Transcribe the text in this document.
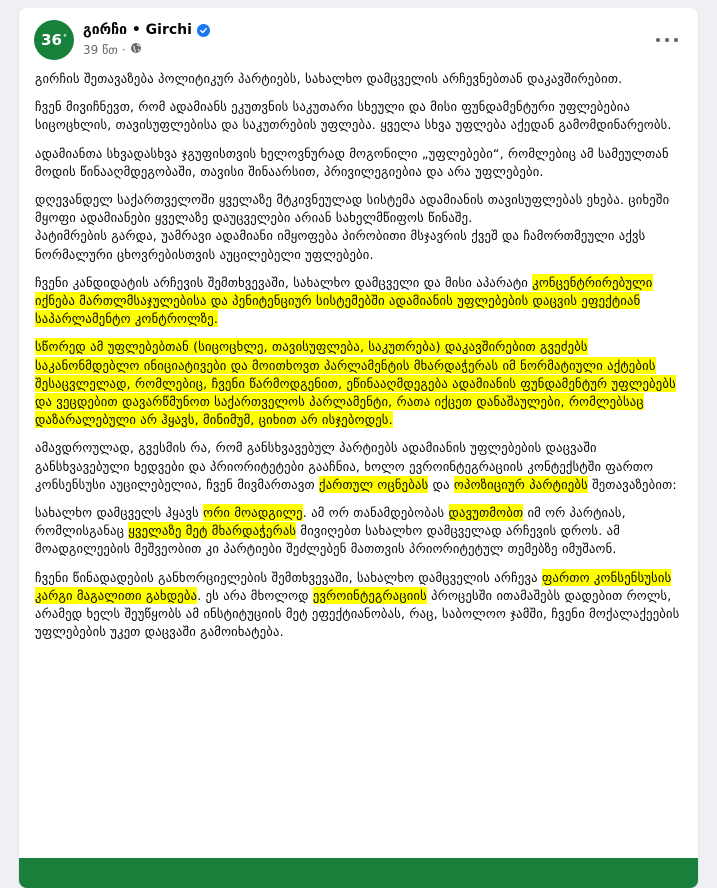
36° გირჩი • Girchi
39 წთ ·

გირჩის შეთავაზება პოლიტიკურ პარტიებს, სახალხო დამცველის არჩევნებთან დაკავშირებით.

ჩვენ მივიჩნევთ, რომ ადამიანს ეკუთვნის საკუთარი სხეული და მისი ფუნდამენტური უფლებებია სიცოცხლის, თავისუფლებისა და საკუთრების უფლება. ყველა სხვა უფლება აქედან გამომდინარეობს.

ადამიანთა სხვადასხვა ჯგუფისთვის ხელოვნურად მოგონილი „უფლებები“, რომლებიც ამ სამეულთან მოდის წინააღმდეგობაში, თავისი შინაარსით, პრივილეგიებია და არა უფლებები.

დღევანდელ საქართველოში ყველაზე მტკივნეულად სისტემა ადამიანის თავისუფლებას ეხება. ციხეში მყოფი ადამიანები ყველაზე დაუცველები არიან სახელმწიფოს წინაშე.
პატიმრების გარდა, უამრავი ადამიანი იმყოფება პირობითი მსჯავრის ქვეშ და ჩამორთმეული აქვს ნორმალური ცხოვრებისთვის აუცილებელი უფლებები.

ჩვენი კანდიდატის არჩევის შემთხვევაში, სახალხო დამცველი და მისი აპარატი კონცენტრირებული იქნება მართლმსაჯულებისა და პენიტენციურ სისტემებში ადამიანის უფლებების დაცვის ეფექტიან საპარლამენტო კონტროლზე.

სწორედ ამ უფლებებთან (სიცოცხლე, თავისუფლება, საკუთრება) დაკავშირებით გვეძებს საკანონმდებლო ინიციატივები და მოითხოვთ პარლამენტის მხარდაჭერას იმ ნორმატიული აქტების შესაცვლელად, რომლებიც, ჩვენი წარმოდგენით, ეწინააღმდეგება ადამიანის ფუნდამენტურ უფლებებს და ვეცდებით დავარწმუნოთ საქართველოს პარლამენტი, რათა იქცეთ დანაშაულები, რომლებსაც დაზარალებული არ ჰყავს, მინიმუმ, ციხით არ ისჯებოდეს.

ამავდროულად, გვესმის რა, რომ განსხვავებულ პარტიებს ადამიანის უფლებების დაცვაში განსხვავებული ხედვები და პრიორიტეტები გააჩნია, ხოლო ევროინტეგრაციის კონტექსტში ფართო კონსენსუსი აუცილებელია, ჩვენ მივმართავთ ქართულ ოცნებას და ოპოზიციურ პარტიებს შეთავაზებით:

სახალხო დამცველს ჰყავს ორი მოადგილე. ამ ორ თანამდებობას დავუთმობთ იმ ორ პარტიას, რომლისგანაც ყველაზე მეტ მხარდაჭერას მივიღებთ სახალხო დამცველად არჩევის დროს. ამ მოადგილეების მეშვეობით კი პარტიები შეძლებენ მათთვის პრიორიტეტულ თემებზე იმუშაონ.

ჩვენი წინადადების განხორციელების შემთხვევაში, სახალხო დამცველის არჩევა ფართო კონსენსუსის კარგი მაგალითი გახდება. ეს არა მხოლოდ ევროინტეგრაციის პროცესში ითამაშებს დადებით როლს, არამედ ხელს შეუწყობს ამ ინსტიტუციის მეტ ეფექტიანობას, რაც, საბოლოო ჯამში, ჩვენი მოქალაქეების უფლებების უკეთ დაცვაში გამოიხატება.
